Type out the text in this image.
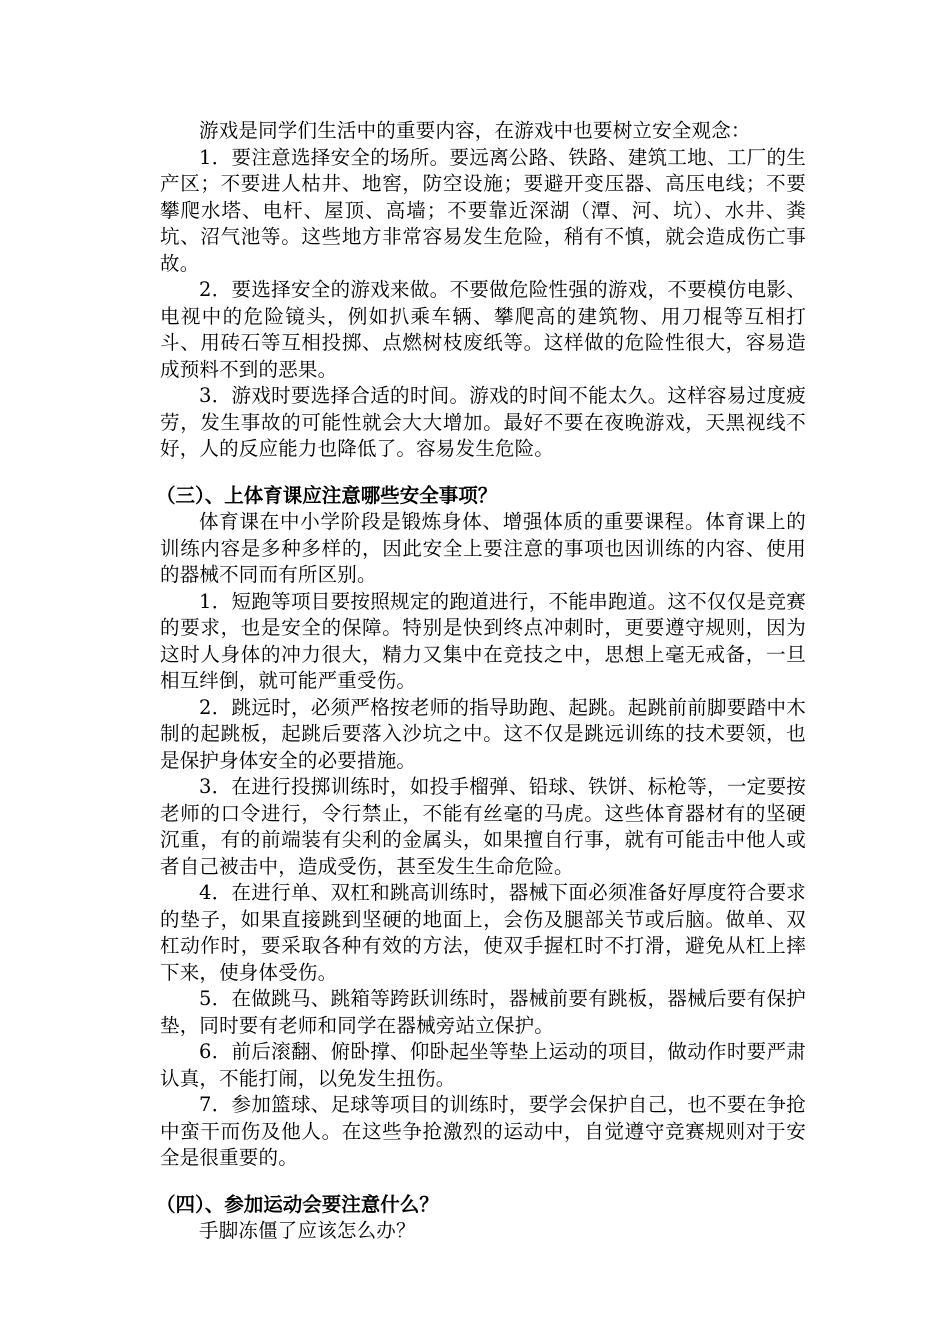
游戏是同学们生活中的重要内容，在游戏中也要树立安全观念：

1．要注意选择安全的场所。要远离公路、铁路、建筑工地、工厂的生产区；不要进人枯井、地窖，防空设施；要避开变压器、高压电线；不要攀爬水塔、电杆、屋顶、高墙；不要靠近深湖（潭、河、坑）、水井、粪坑、沼气池等。这些地方非常容易发生危险，稍有不慎，就会造成伤亡事故。

2．要选择安全的游戏来做。不要做危险性强的游戏，不要模仿电影、电视中的危险镜头，例如扒乘车辆、攀爬高的建筑物、用刀棍等互相打斗、用砖石等互相投掷、点燃树枝废纸等。这样做的危险性很大，容易造成预料不到的恶果。

3．游戏时要选择合适的时间。游戏的时间不能太久。这样容易过度疲劳，发生事故的可能性就会大大增加。最好不要在夜晚游戏，天黑视线不好，人的反应能力也降低了。容易发生危险。

（三）、上体育课应注意哪些安全事项？

体育课在中小学阶段是锻炼身体、增强体质的重要课程。体育课上的训练内容是多种多样的，因此安全上要注意的事项也因训练的内容、使用的器械不同而有所区别。

1．短跑等项目要按照规定的跑道进行，不能串跑道。这不仅仅是竞赛的要求，也是安全的保障。特别是快到终点冲刺时，更要遵守规则，因为这时人身体的冲力很大，精力又集中在竞技之中，思想上毫无戒备，一旦相互绊倒，就可能严重受伤。

2．跳远时，必须严格按老师的指导助跑、起跳。起跳前前脚要踏中木制的起跳板，起跳后要落入沙坑之中。这不仅是跳远训练的技术要领，也是保护身体安全的必要措施。

3．在进行投掷训练时，如投手榴弹、铅球、铁饼、标枪等，一定要按老师的口令进行，令行禁止，不能有丝毫的马虎。这些体育器材有的坚硬沉重，有的前端装有尖利的金属头，如果擅自行事，就有可能击中他人或者自己被击中，造成受伤，甚至发生生命危险。

4．在进行单、双杠和跳高训练时，器械下面必须准备好厚度符合要求的垫子，如果直接跳到坚硬的地面上，会伤及腿部关节或后脑。做单、双杠动作时，要采取各种有效的方法，使双手握杠时不打滑，避免从杠上摔下来，使身体受伤。

5．在做跳马、跳箱等跨跃训练时，器械前要有跳板，器械后要有保护垫，同时要有老师和同学在器械旁站立保护。

6．前后滚翻、俯卧撑、仰卧起坐等垫上运动的项目，做动作时要严肃认真，不能打闹，以免发生扭伤。

7．参加篮球、足球等项目的训练时，要学会保护自己，也不要在争抢中蛮干而伤及他人。在这些争抢激烈的运动中，自觉遵守竞赛规则对于安全是很重要的。

（四）、参加运动会要注意什么？

手脚冻僵了应该怎么办？
